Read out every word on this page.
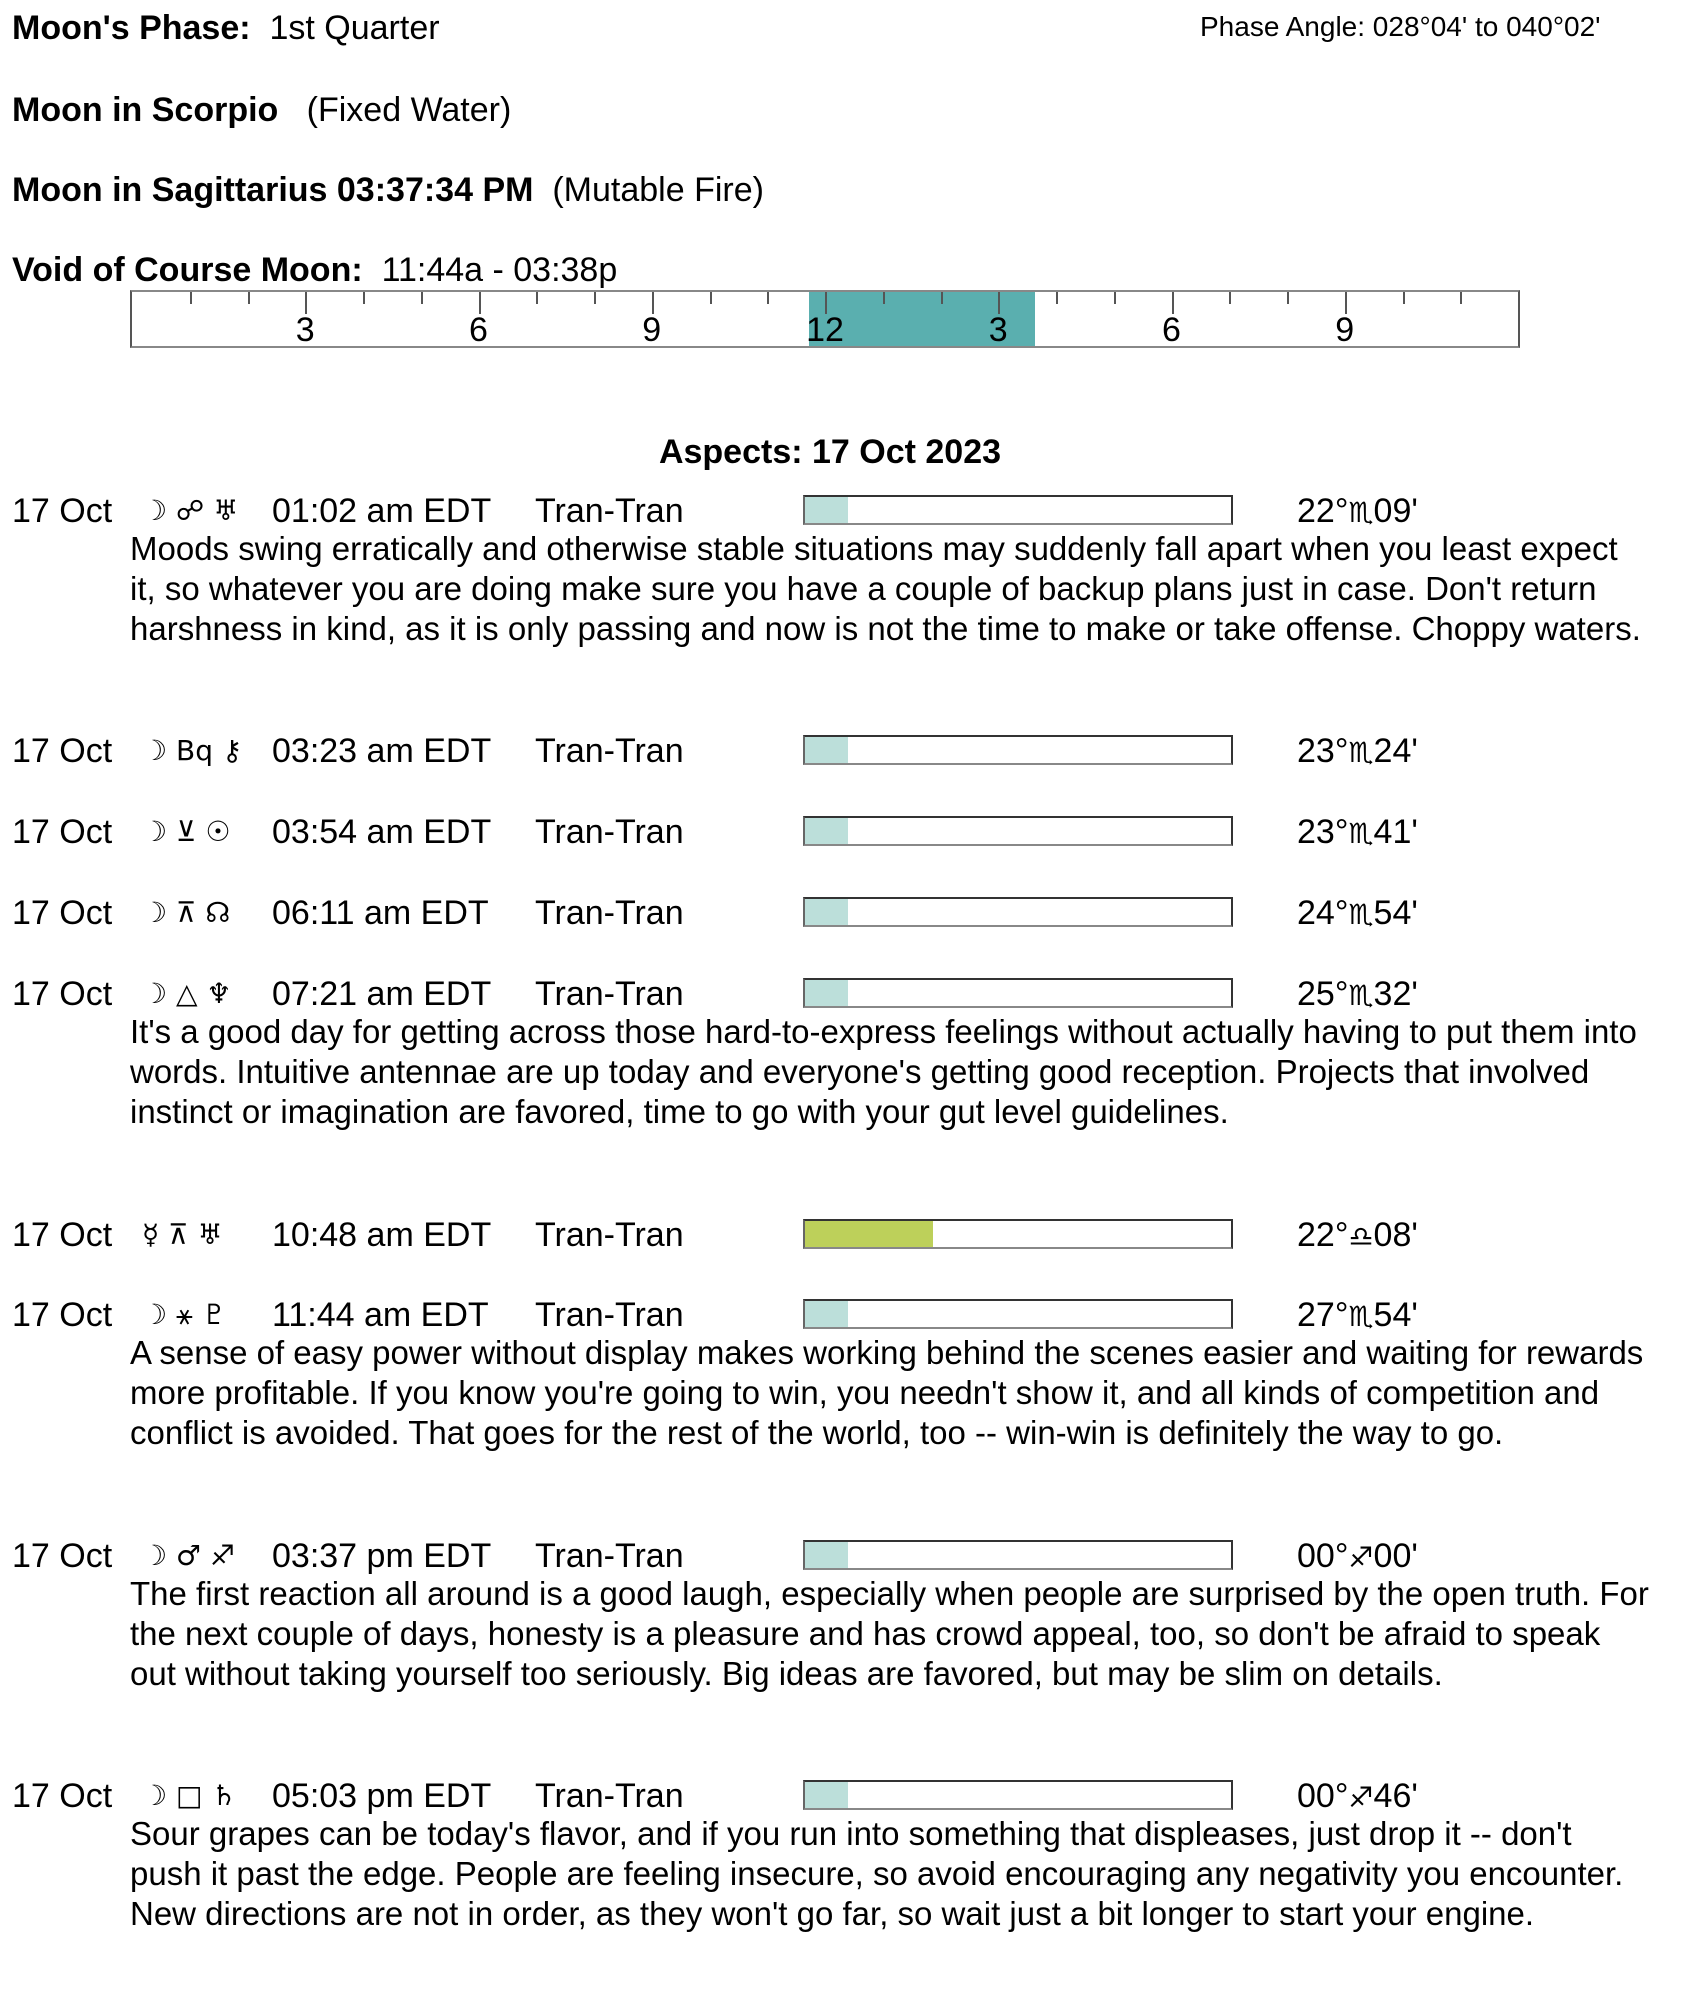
Moon's Phase: 1st Quarter	Phase Angle: 028°04' to 040°02'
Moon in Scorpio (Fixed Water)
Moon in Sagittarius 03:37:34 PM (Mutable Fire)
Void of Course Moon: 11:44a - 03:38p
3	6	9	12	3	6	9
Aspects: 17 Oct 2023
17 Oct ☽ ☍ ♅ 01:02 am EDT Tran-Tran	22°♏09'
Moods swing erratically and otherwise stable situations may suddenly fall apart when you least expect it, so whatever you are doing make sure you have a couple of backup plans just in case. Don't return harshness in kind, as it is only passing and now is not the time to make or take offense. Choppy waters.
17 Oct ☽ Bq ⚷ 03:23 am EDT Tran-Tran	23°♏24'
17 Oct ☽ ⊻ ☉ 03:54 am EDT Tran-Tran	23°♏41'
17 Oct ☽ ⊼ ☊ 06:11 am EDT Tran-Tran	24°♏54'
17 Oct ☽ △ ♆ 07:21 am EDT Tran-Tran	25°♏32'
It's a good day for getting across those hard-to-express feelings without actually having to put them into words. Intuitive antennae are up today and everyone's getting good reception. Projects that involved instinct or imagination are favored, time to go with your gut level guidelines.
17 Oct ☿ ⊼ ♅ 10:48 am EDT Tran-Tran	22°♎08'
17 Oct ☽ ⚹ ♇ 11:44 am EDT Tran-Tran	27°♏54'
A sense of easy power without display makes working behind the scenes easier and waiting for rewards more profitable. If you know you're going to win, you needn't show it, and all kinds of competition and conflict is avoided. That goes for the rest of the world, too -- win-win is definitely the way to go.
17 Oct ☽ ♂ ♐ 03:37 pm EDT Tran-Tran	00°♐00'
The first reaction all around is a good laugh, especially when people are surprised by the open truth. For the next couple of days, honesty is a pleasure and has crowd appeal, too, so don't be afraid to speak out without taking yourself too seriously. Big ideas are favored, but may be slim on details.
17 Oct ☽ □ ♄ 05:03 pm EDT Tran-Tran	00°♐46'
Sour grapes can be today's flavor, and if you run into something that displeases, just drop it -- don't push it past the edge. People are feeling insecure, so avoid encouraging any negativity you encounter. New directions are not in order, as they won't go far, so wait just a bit longer to start your engine.
